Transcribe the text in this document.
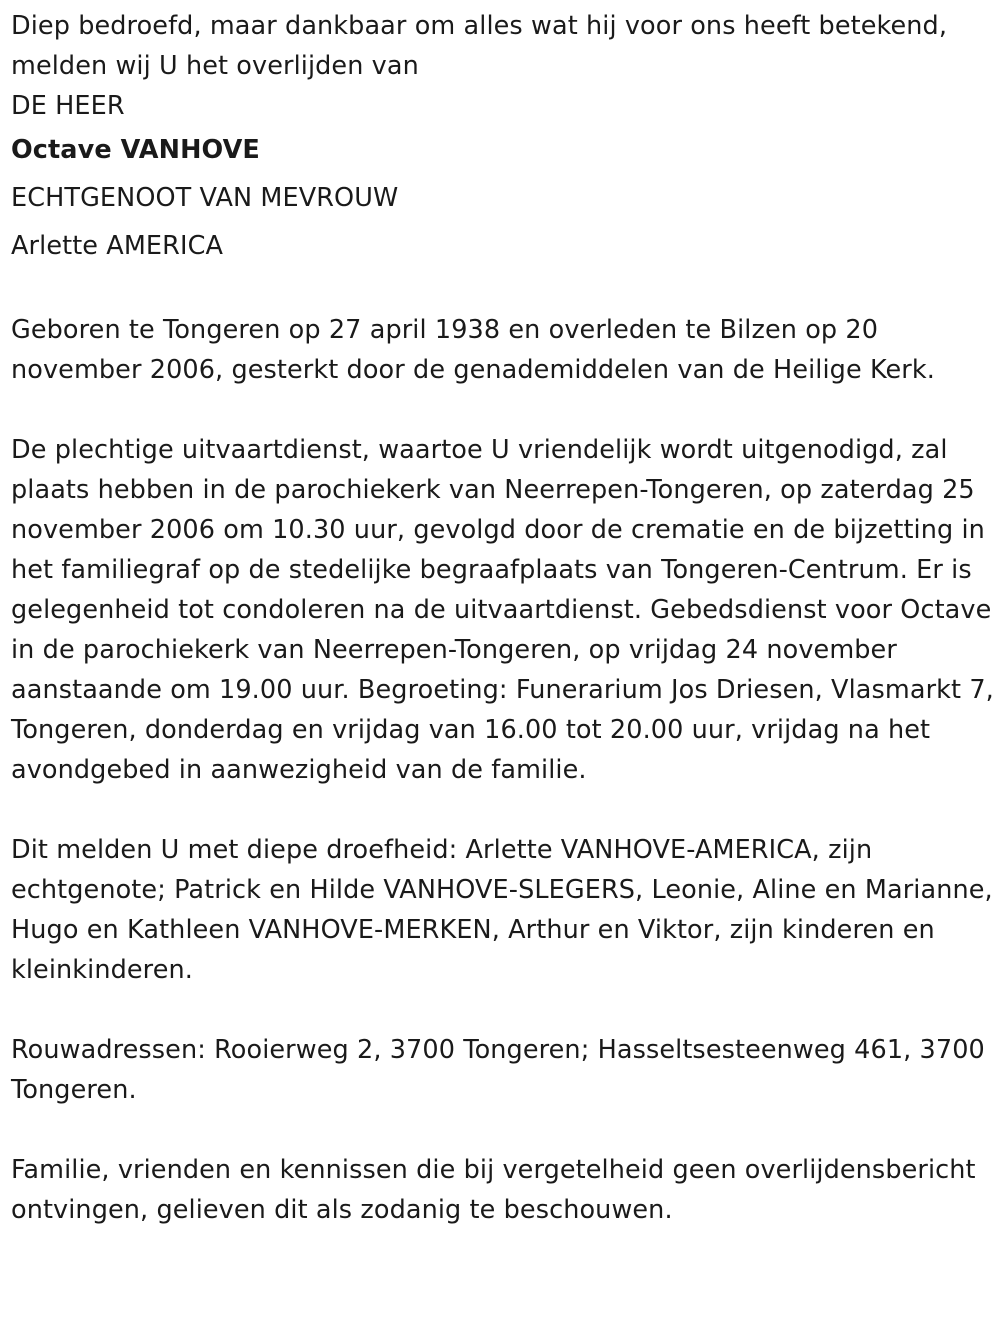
Diep bedroefd, maar dankbaar om alles wat hij voor ons heeft betekend, melden wij U het overlijden van

DE HEER

Octave VANHOVE

ECHTGENOOT VAN MEVROUW

Arlette AMERICA

Geboren te Tongeren op 27 april 1938 en overleden te Bilzen op 20 november 2006, gesterkt door de genademiddelen van de Heilige Kerk.

De plechtige uitvaartdienst, waartoe U vriendelijk wordt uitgenodigd, zal plaats hebben in de parochiekerk van Neerrepen-Tongeren, op zaterdag 25 november 2006 om 10.30 uur, gevolgd door de crematie en de bijzetting in het familiegraf op de stedelijke begraafplaats van Tongeren-Centrum. Er is gelegenheid tot condoleren na de uitvaartdienst. Gebedsdienst voor Octave in de parochiekerk van Neerrepen-Tongeren, op vrijdag 24 november aanstaande om 19.00 uur. Begroeting: Funerarium Jos Driesen, Vlasmarkt 7, Tongeren, donderdag en vrijdag van 16.00 tot 20.00 uur, vrijdag na het avondgebed in aanwezigheid van de familie.

Dit melden U met diepe droefheid: Arlette VANHOVE-AMERICA, zijn echtgenote; Patrick en Hilde VANHOVE-SLEGERS, Leonie, Aline en Marianne, Hugo en Kathleen VANHOVE-MERKEN, Arthur en Viktor, zijn kinderen en kleinkinderen.

Rouwadressen: Rooierweg 2, 3700 Tongeren; Hasseltsesteenweg 461, 3700 Tongeren.

Familie, vrienden en kennissen die bij vergetelheid geen overlijdensbericht ontvingen, gelieven dit als zodanig te beschouwen.
